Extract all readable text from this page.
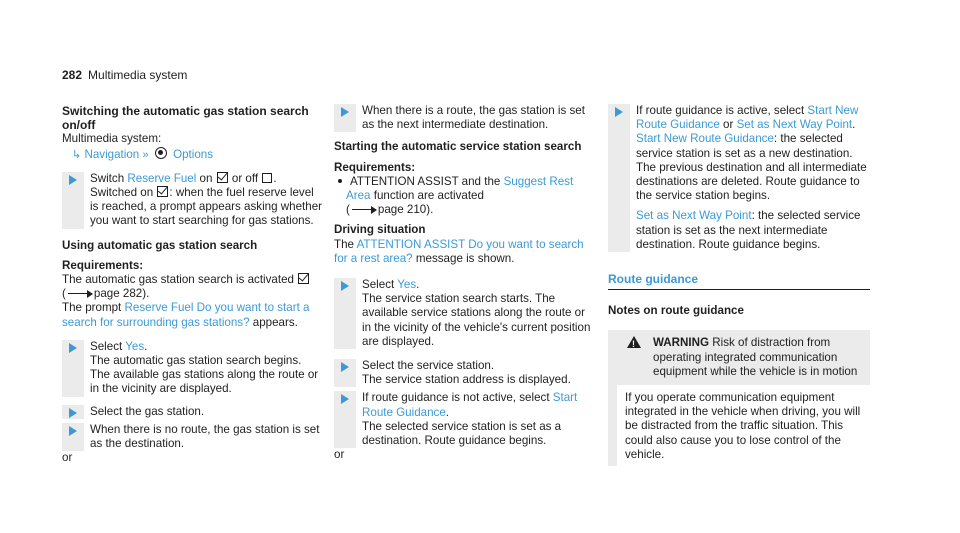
282 Multimedia system

Switching the automatic gas station search on/off

Multimedia system:

↳ Navigation » Options

Switch Reserve Fuel on  or off .

Switched on : when the fuel reserve level is reached, a prompt appears asking whether you want to start searching for gas stations.

Using automatic gas station search

Requirements:

The automatic gas station search is activated
( page 282).

The prompt Reserve Fuel Do you want to start a search for surrounding gas stations? appears.

Select Yes.

The automatic gas station search begins. The available gas stations along the route or in the vicinity are displayed.

Select the gas station.

When there is no route, the gas station is set as the destination.

or

When there is a route, the gas station is set as the next intermediate destination.

Starting the automatic service station search

Requirements:

ATTENTION ASSIST and the Suggest Rest Area function are activated
( page 210).

Driving situation

The ATTENTION ASSIST Do you want to search for a rest area? message is shown.

Select Yes.

The service station search starts. The available service stations along the route or in the vicinity of the vehicle's current position are displayed.

Select the service station.

The service station address is displayed.

If route guidance is not active, select Start Route Guidance.

The selected service station is set as a destination. Route guidance begins.

or

If route guidance is active, select Start New Route Guidance or Set as Next Way Point.

Start New Route Guidance: the selected service station is set as a new destination. The previous destination and all intermediate destinations are deleted. Route guidance to the service station begins.

Set as Next Way Point: the selected service station is set as the next intermediate destination. Route guidance begins.

Route guidance

Notes on route guidance

!
WARNING Risk of distraction from operating integrated communication equipment while the vehicle is in motion

If you operate communication equipment integrated in the vehicle when driving, you will be distracted from the traffic situation. This could also cause you to lose control of the vehicle.
